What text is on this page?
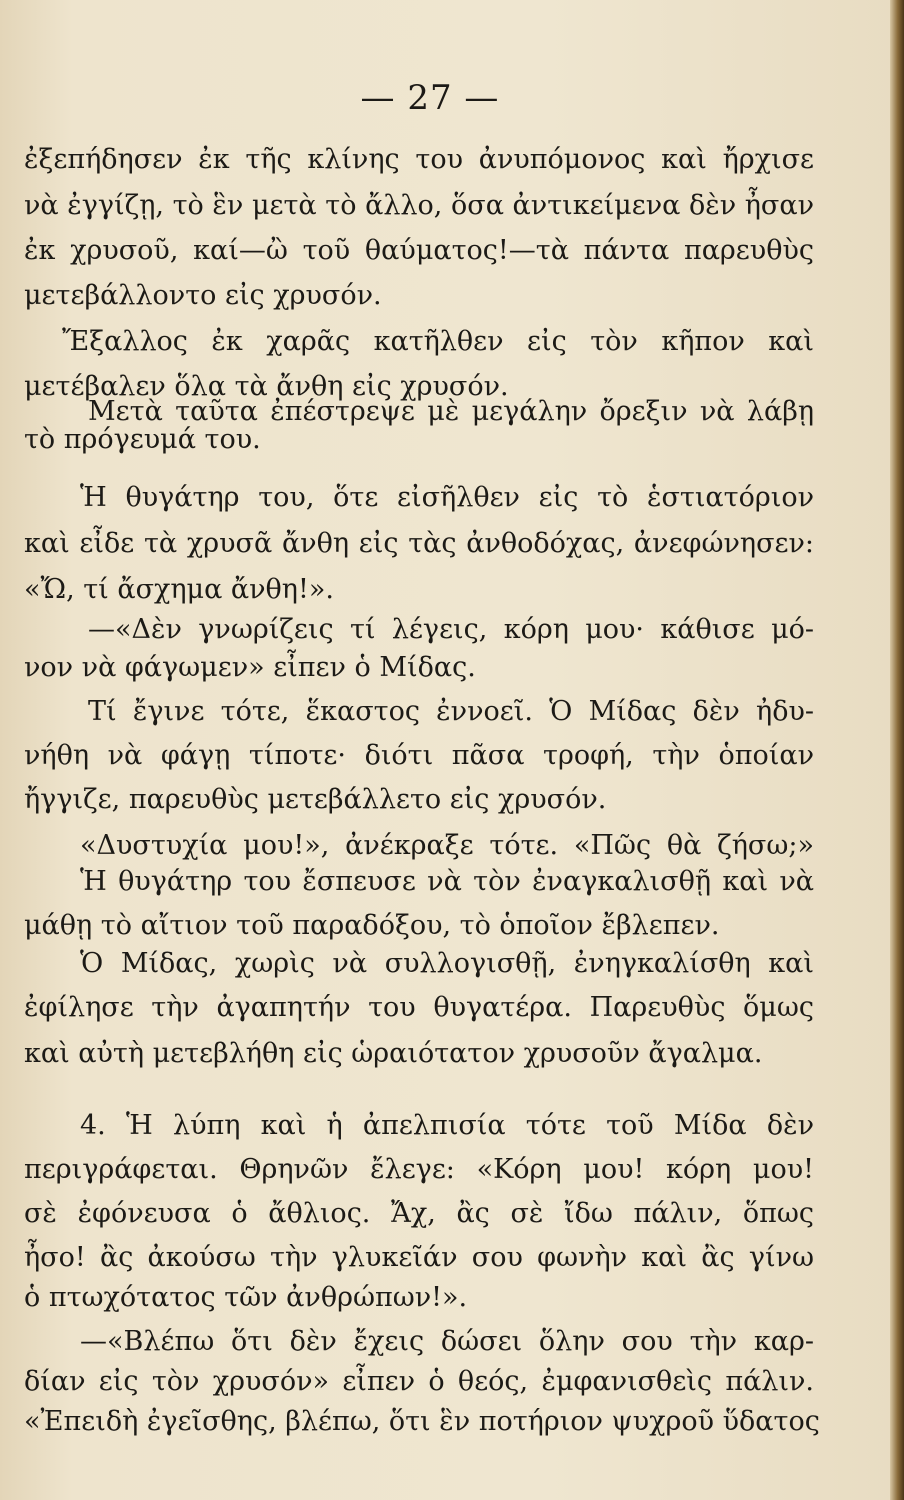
— 27 —
ἐξεπήδησεν ἐκ τῆς κλίνης του ἀνυπόμονος καὶ ἤρχισε
νὰ ἐγγίζῃ, τὸ ἓν μετὰ τὸ ἄλλο, ὅσα ἀντικείμενα δὲν ἦσαν
ἐκ χρυσοῦ, καί—ὢ τοῦ θαύματος!—τὰ πάντα παρευθὺς
μετεβάλλοντο εἰς χρυσόν.
Ἔξαλλος ἐκ χαρᾶς κατῆλθεν εἰς τὸν κῆπον καὶ
μετέβαλεν ὅλα τὰ ἄνθη εἰς χρυσόν.
Μετὰ ταῦτα ἐπέστρεψε μὲ μεγάλην ὄρεξιν νὰ λάβῃ
τὸ πρόγευμά του.
Ἡ θυγάτηρ του, ὅτε εἰσῆλθεν εἰς τὸ ἑστιατόριον
καὶ εἶδε τὰ χρυσᾶ ἄνθη εἰς τὰς ἀνθοδόχας, ἀνεφώνησεν:
«Ὤ, τί ἄσχημα ἄνθη!».
—«Δὲν γνωρίζεις τί λέγεις, κόρη μου· κάθισε μό-
νον νὰ φάγωμεν» εἶπεν ὁ Μίδας.
Τί ἔγινε τότε, ἕκαστος ἐννοεῖ. Ὁ Μίδας δὲν ἠδυ-
νήθη νὰ φάγῃ τίποτε· διότι πᾶσα τροφή, τὴν ὁποίαν
ἤγγιζε, παρευθὺς μετεβάλλετο εἰς χρυσόν.
«Δυστυχία μου!», ἀνέκραξε τότε. «Πῶς θὰ ζήσω;»
Ἡ θυγάτηρ του ἔσπευσε νὰ τὸν ἐναγκαλισθῇ καὶ νὰ
μάθῃ τὸ αἴτιον τοῦ παραδόξου, τὸ ὁποῖον ἔβλεπεν.
Ὁ Μίδας, χωρὶς νὰ συλλογισθῇ, ἐνηγκαλίσθη καὶ
ἐφίλησε τὴν ἀγαπητήν του θυγατέρα. Παρευθὺς ὅμως
καὶ αὐτὴ μετεβλήθη εἰς ὡραιότατον χρυσοῦν ἄγαλμα.
4. Ἡ λύπη καὶ ἡ ἀπελπισία τότε τοῦ Μίδα δὲν
περιγράφεται. Θρηνῶν ἔλεγε: «Κόρη μου! κόρη μου!
σὲ ἐφόνευσα ὁ ἄθλιος. Ἄχ, ἂς σὲ ἴδω πάλιν, ὅπως
ἦσο! ἂς ἀκούσω τὴν γλυκεῖάν σου φωνὴν καὶ ἂς γίνω
ὁ πτωχότατος τῶν ἀνθρώπων!».
—«Βλέπω ὅτι δὲν ἔχεις δώσει ὅλην σου τὴν καρ-
δίαν εἰς τὸν χρυσόν» εἶπεν ὁ θεός, ἐμφανισθεὶς πάλιν.
«Ἐπειδὴ ἐγεῖσθης, βλέπω, ὅτι ἓν ποτήριον ψυχροῦ ὕδατος
